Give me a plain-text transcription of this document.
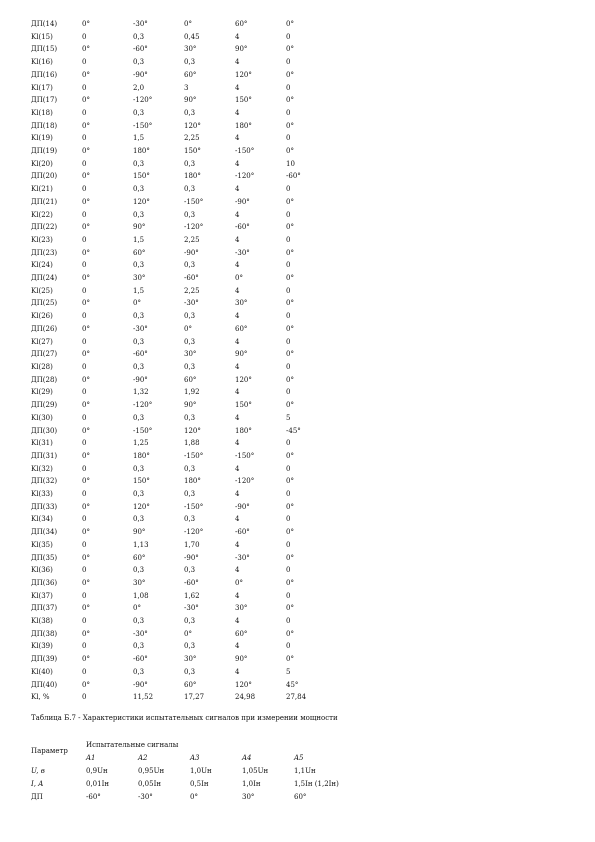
ДП(14)	0°	-30°	0°	60°	0°
Kl(15)	0	0,3	0,45	4	0
ДП(15)	0°	-60°	30°	90°	0°
Kl(16)	0	0,3	0,3	4	0
ДП(16)	0°	-90°	60°	120°	0°
Kl(17)	0	2,0	3	4	0
ДП(17)	0°	-120°	90°	150°	0°
Kl(18)	0	0,3	0,3	4	0
ДП(18)	0°	-150°	120°	180°	0°
Kl(19)	0	1,5	2,25	4	0
ДП(19)	0°	180°	150°	-150°	0°
Kl(20)	0	0,3	0,3	4	10
ДП(20)	0°	150°	180°	-120°	-60°
Kl(21)	0	0,3	0,3	4	0
ДП(21)	0°	120°	-150°	-90°	0°
Kl(22)	0	0,3	0,3	4	0
ДП(22)	0°	90°	-120°	-60°	0°
Kl(23)	0	1,5	2,25	4	0
ДП(23)	0°	60°	-90°	-30°	0°
Kl(24)	0	0,3	0,3	4	0
ДП(24)	0°	30°	-60°	0°	0°
Kl(25)	0	1,5	2,25	4	0
ДП(25)	0°	0°	-30°	30°	0°
Kl(26)	0	0,3	0,3	4	0
ДП(26)	0°	-30°	0°	60°	0°
Kl(27)	0	0,3	0,3	4	0
ДП(27)	0°	-60°	30°	90°	0°
Kl(28)	0	0,3	0,3	4	0
ДП(28)	0°	-90°	60°	120°	0°
Kl(29)	0	1,32	1,92	4	0
ДП(29)	0°	-120°	90°	150°	0°
Kl(30)	0	0,3	0,3	4	5
ДП(30)	0°	-150°	120°	180°	-45°
Kl(31)	0	1,25	1,88	4	0
ДП(31)	0°	180°	-150°	-150°	0°
Kl(32)	0	0,3	0,3	4	0
ДП(32)	0°	150°	180°	-120°	0°
Kl(33)	0	0,3	0,3	4	0
ДП(33)	0°	120°	-150°	-90°	0°
Kl(34)	0	0,3	0,3	4	0
ДП(34)	0°	90°	-120°	-60°	0°
Kl(35)	0	1,13	1,70	4	0
ДП(35)	0°	60°	-90°	-30°	0°
Kl(36)	0	0,3	0,3	4	0
ДП(36)	0°	30°	-60°	0°	0°
Kl(37)	0	1,08	1,62	4	0
ДП(37)	0°	0°	-30°	30°	0°
Kl(38)	0	0,3	0,3	4	0
ДП(38)	0°	-30°	0°	60°	0°
Kl(39)	0	0,3	0,3	4	0
ДП(39)	0°	-60°	30°	90°	0°
Kl(40)	0	0,3	0,3	4	5
ДП(40)	0°	-90°	60°	120°	45°
Kl, %	0	11,52	17,27	24,98	27,84
Таблица Б.7 - Характеристики испытательных сигналов при измерении мощности
Параметр	Испытательные сигналы				
	A1	A2	A3	A4	A5
U, в	0,9Uн	0,95Uн	1,0Uн	1,05Uн	1,1Uн
I, A	0,01Iн	0,05Iн	0,5Iн	1,0Iн	1,5Iн (1,2Iн)
ДП	-60°	-30°	0°	30°	60°
